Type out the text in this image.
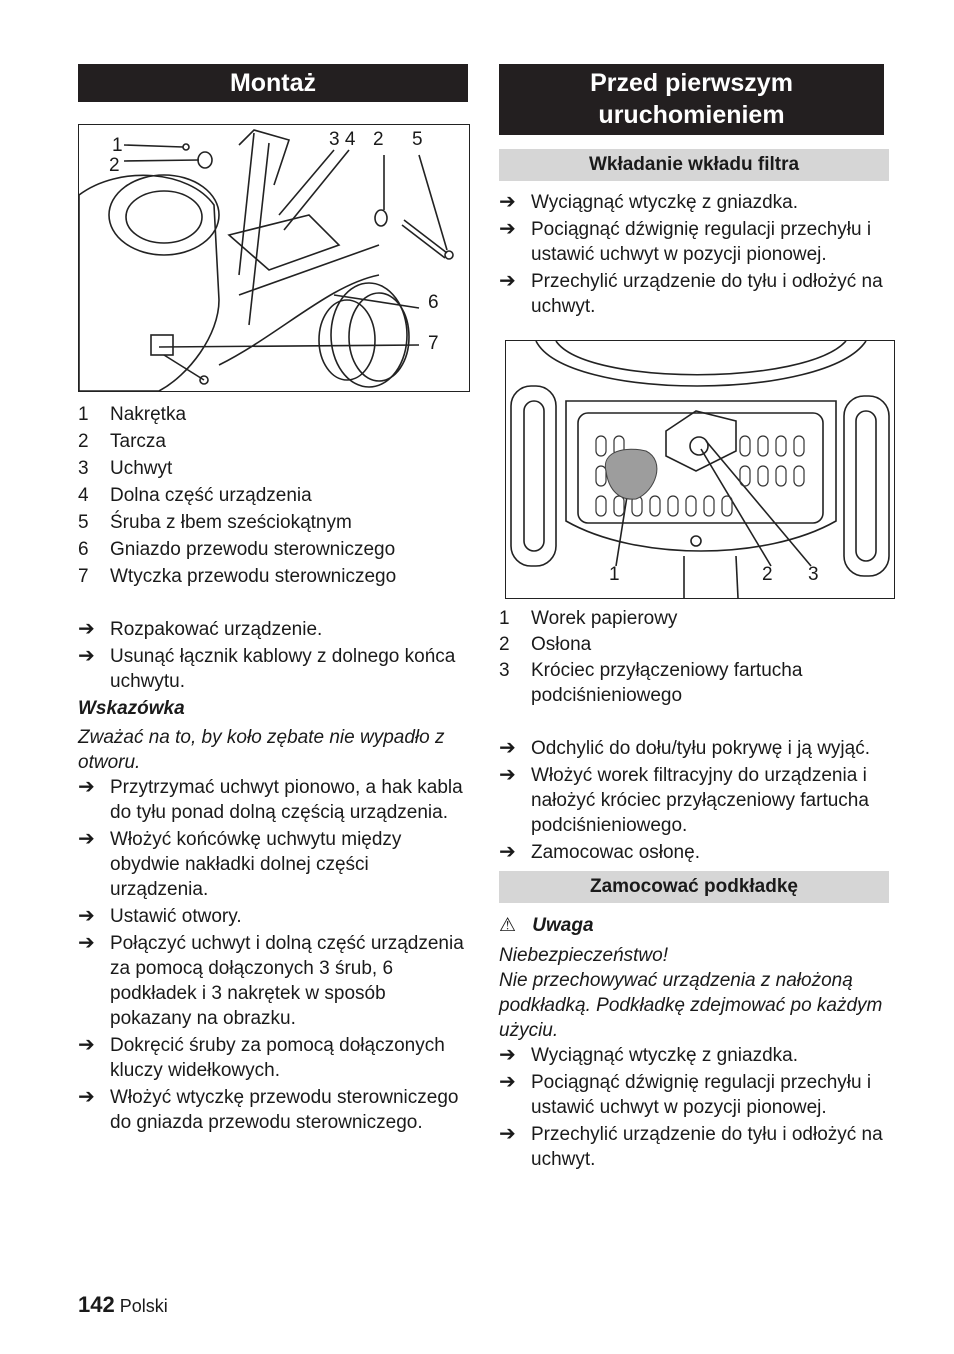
Montaż
1
2
3 4 2 5
6
7
1	Nakrętka
2	Tarcza
3	Uchwyt
4	Dolna część urządzenia
5	Śruba z łbem sześciokątnym
6	Gniazdo przewodu sterowniczego
7	Wtyczka przewodu sterowniczego
➔ Rozpakować urządzenie.
➔ Usunąć łącznik kablowy z dolnego końca uchwytu.
Wskazówka
Zważać na to, by koło zębate nie wypadło z otworu.
➔ Przytrzymać uchwyt pionowo, a hak kabla do tyłu ponad dolną częścią urządzenia.
➔ Włożyć końcówkę uchwytu między obydwie nakładki dolnej części urządzenia.
➔ Ustawić otwory.
➔ Połączyć uchwyt i dolną część urządzenia za pomocą dołączonych 3 śrub, 6 podkładek i 3 nakrętek w sposób pokazany na obrazku.
➔ Dokręcić śruby za pomocą dołączonych kluczy widełkowych.
➔ Włożyć wtyczkę przewodu sterowniczego do gniazda przewodu sterowniczego.
Przed pierwszym uruchomieniem
Wkładanie wkładu filtra
➔ Wyciągnąć wtyczkę z gniazdka.
➔ Pociągnąć dźwignię regulacji przechyłu i ustawić uchwyt w pozycji pionowej.
➔ Przechylić urządzenie do tyłu i odłożyć na uchwyt.
1	2 3
1	Worek papierowy
2	Osłona
3	Króciec przyłączeniowy fartucha podciśnieniowego
➔ Odchylić do dołu/tyłu pokrywę i ją wyjąć.
➔ Włożyć worek filtracyjny do urządzenia i nałożyć króciec przyłączeniowy fartucha podciśnieniowego.
➔ Zamocowac osłonę.
Zamocować podkładkę
⚠ Uwaga
Niebezpieczeństwo!
Nie przechowywać urządzenia z nałożoną podkładką. Podkładkę zdejmować po każdym użyciu.
➔ Wyciągnąć wtyczkę z gniazdka.
➔ Pociągnąć dźwignię regulacji przechyłu i ustawić uchwyt w pozycji pionowej.
➔ Przechylić urządzenie do tyłu i odłożyć na uchwyt.
142 Polski
